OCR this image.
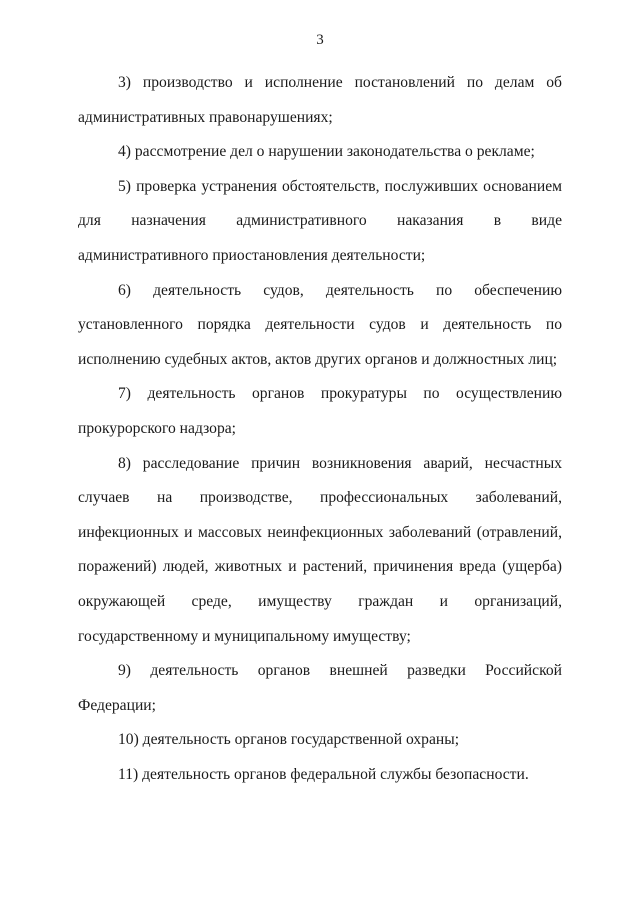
3

3) производство и исполнение постановлений по делам об административных правонарушениях;

4) рассмотрение дел о нарушении законодательства о рекламе;

5) проверка устранения обстоятельств, послуживших основанием для назначения административного наказания в виде административного приостановления деятельности;

6) деятельность судов, деятельность по обеспечению установленного порядка деятельности судов и деятельность по исполнению судебных актов, актов других органов и должностных лиц;

7) деятельность органов прокуратуры по осуществлению прокурорского надзора;

8) расследование причин возникновения аварий, несчастных случаев на производстве, профессиональных заболеваний, инфекционных и массовых неинфекционных заболеваний (отравлений, поражений) людей, животных и растений, причинения вреда (ущерба) окружающей среде, имуществу граждан и организаций, государственному и муниципальному имуществу;

9) деятельность органов внешней разведки Российской Федерации;

10) деятельность органов государственной охраны;

11) деятельность органов федеральной службы безопасности.
